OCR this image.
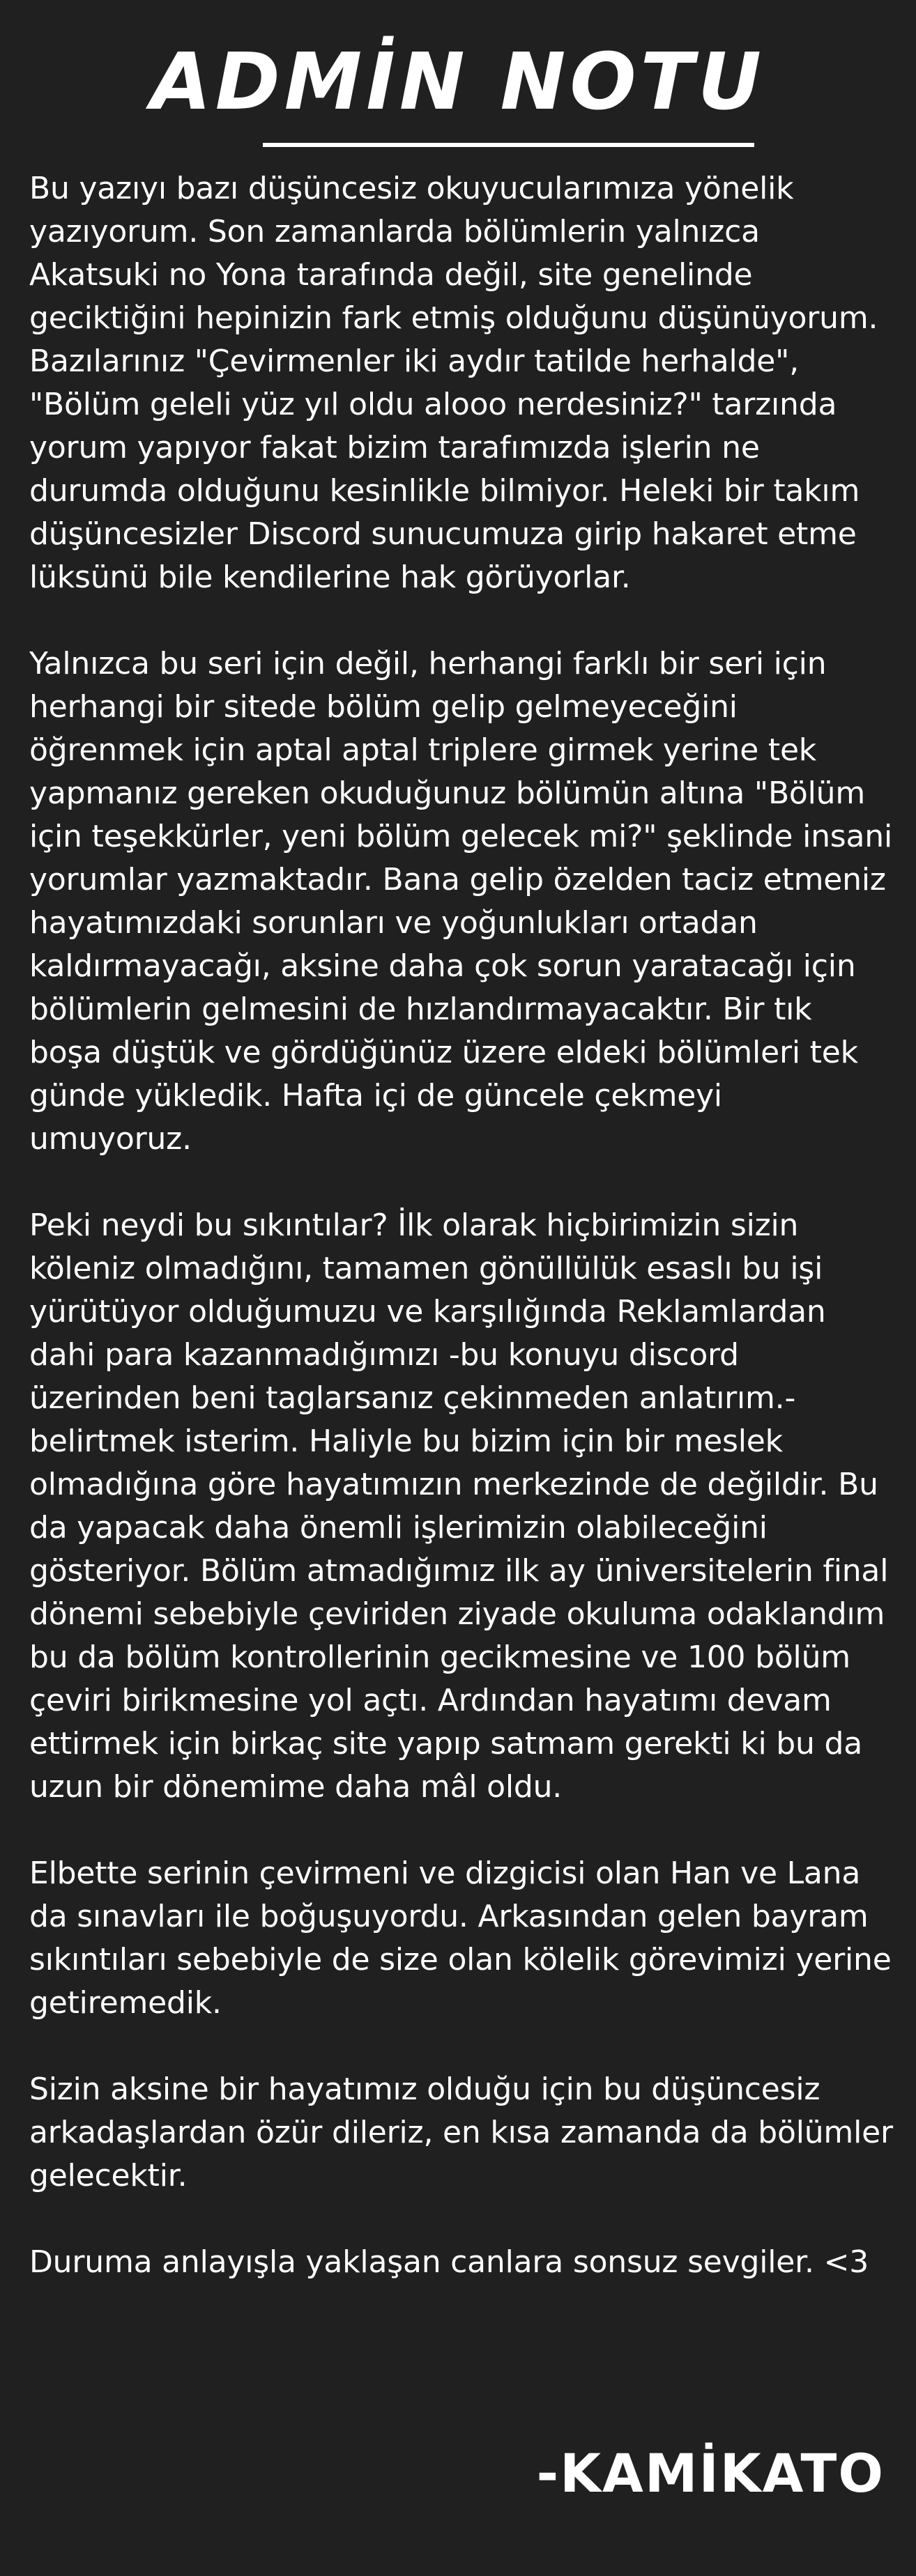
ADMİN NOTU

Bu yazıyı bazı düşüncesiz okuyucularımıza yönelik yazıyorum. Son zamanlarda bölümlerin yalnızca Akatsuki no Yona tarafında değil, site genelinde geciktiğini hepinizin fark etmiş olduğunu düşünüyorum. Bazılarınız "Çevirmenler iki aydır tatilde herhalde", "Bölüm geleli yüz yıl oldu alooo nerdesiniz?" tarzında yorum yapıyor fakat bizim tarafımızda işlerin ne durumda olduğunu kesinlikle bilmiyor. Heleki bir takım düşüncesizler Discord sunucumuza girip hakaret etme lüksünü bile kendilerine hak görüyorlar.

Yalnızca bu seri için değil, herhangi farklı bir seri için herhangi bir sitede bölüm gelip gelmeyeceğini öğrenmek için aptal aptal triplere girmek yerine tek yapmanız gereken okuduğunuz bölümün altına "Bölüm için teşekkürler, yeni bölüm gelecek mi?" şeklinde insani yorumlar yazmaktadır. Bana gelip özelden taciz etmeniz hayatımızdaki sorunları ve yoğunlukları ortadan kaldırmayacağı, aksine daha çok sorun yaratacağı için bölümlerin gelmesini de hızlandırmayacaktır. Bir tık boşa düştük ve gördüğünüz üzere eldeki bölümleri tek günde yükledik. Hafta içi de güncele çekmeyi umuyoruz.

Peki neydi bu sıkıntılar? İlk olarak hiçbirimizin sizin köleniz olmadığını, tamamen gönüllülük esaslı bu işi yürütüyor olduğumuzu ve karşılığında Reklamlardan dahi para kazanmadığımızı -bu konuyu discord üzerinden beni taglarsanız çekinmeden anlatırım.- belirtmek isterim. Haliyle bu bizim için bir meslek olmadığına göre hayatımızın merkezinde de değildir. Bu da yapacak daha önemli işlerimizin olabileceğini gösteriyor. Bölüm atmadığımız ilk ay üniversitelerin final dönemi sebebiyle çeviriden ziyade okuluma odaklandım bu da bölüm kontrollerinin gecikmesine ve 100 bölüm çeviri birikmesine yol açtı. Ardından hayatımı devam ettirmek için birkaç site yapıp satmam gerekti ki bu da uzun bir dönemime daha mâl oldu.

Elbette serinin çevirmeni ve dizgicisi olan Han ve Lana da sınavları ile boğuşuyordu. Arkasından gelen bayram sıkıntıları sebebiyle de size olan kölelik görevimizi yerine getiremedik.

Sizin aksine bir hayatımız olduğu için bu düşüncesiz arkadaşlardan özür dileriz, en kısa zamanda da bölümler gelecektir.

Duruma anlayışla yaklaşan canlara sonsuz sevgiler. <3

-KAMİKATO
